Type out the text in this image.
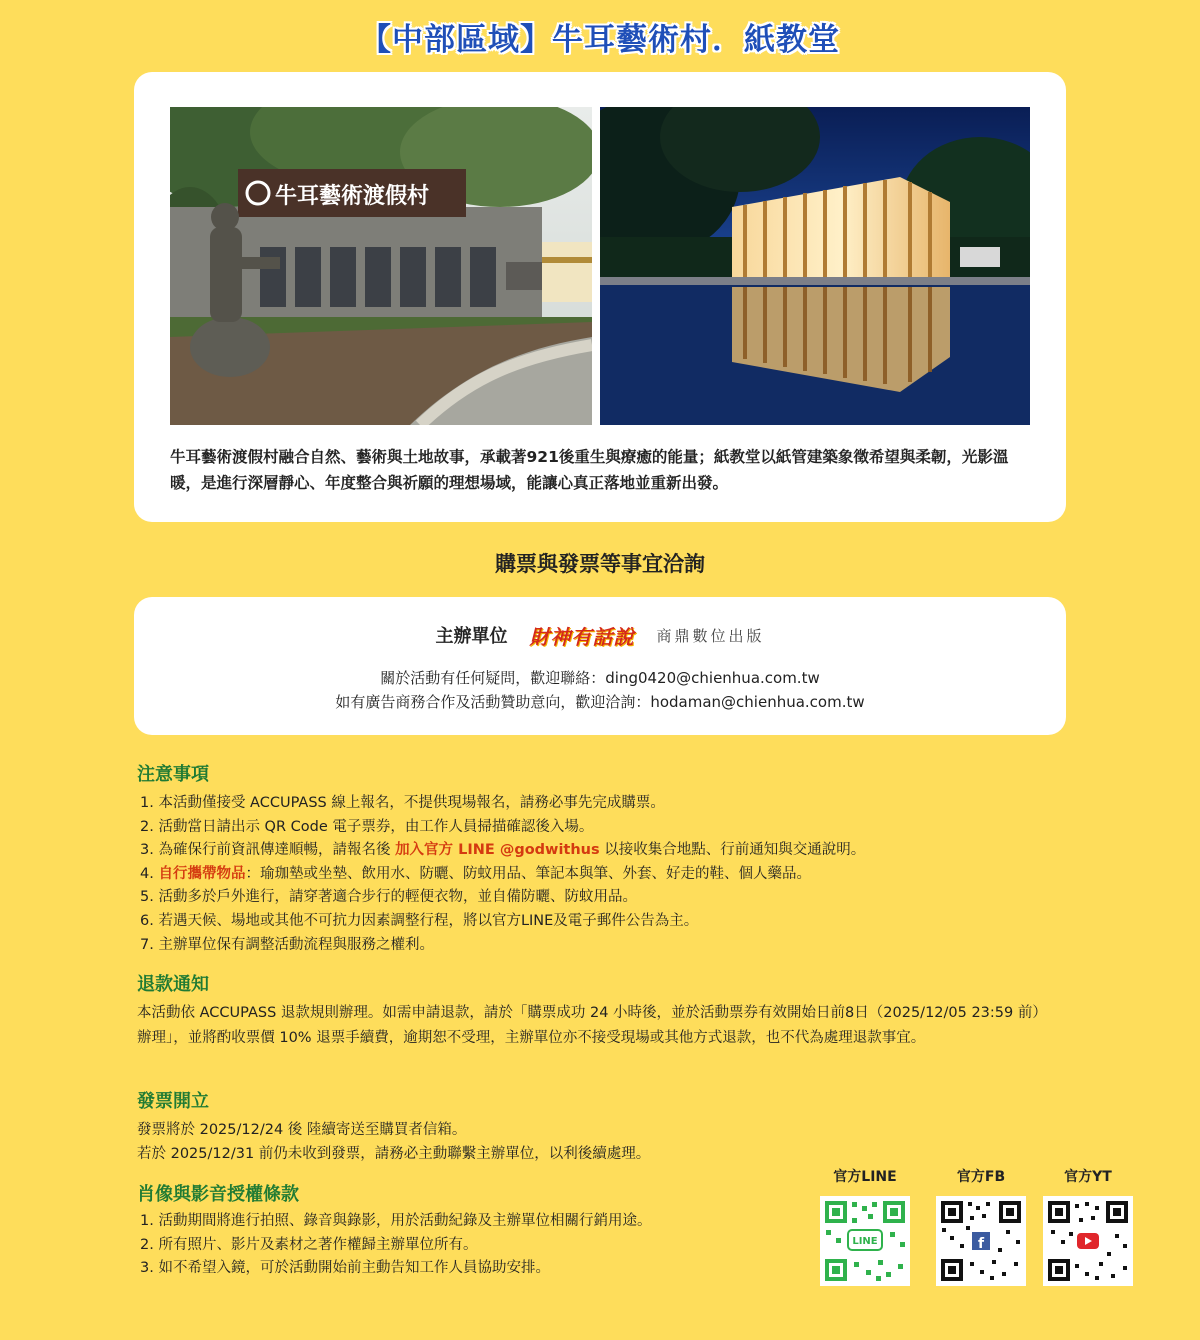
【中部區域】牛耳藝術村．紙教堂
牛耳藝術渡假村
牛耳藝術渡假村融合自然、藝術與土地故事，承載著921後重生與療癒的能量；紙教堂以紙管建築象徵希望與柔韌，光影溫暖，是進行深層靜心、年度整合與祈願的理想場域，能讓心真正落地並重新出發。
購票與發票等事宜洽詢
主辦單位 財神有話說 商鼎數位出版
關於活動有任何疑問，歡迎聯絡：ding0420@chienhua.com.tw
如有廣告商務合作及活動贊助意向，歡迎洽詢：hodaman@chienhua.com.tw
注意事項
1. 本活動僅接受 ACCUPASS 線上報名，不提供現場報名，請務必事先完成購票。
2. 活動當日請出示 QR Code 電子票券，由工作人員掃描確認後入場。
3. 為確保行前資訊傳達順暢，請報名後 加入官方 LINE @godwithus 以接收集合地點、行前通知與交通說明。
4. 自行攜帶物品：瑜珈墊或坐墊、飲用水、防曬、防蚊用品、筆記本與筆、外套、好走的鞋、個人藥品。
5. 活動多於戶外進行，請穿著適合步行的輕便衣物，並自備防曬、防蚊用品。
6. 若遇天候、場地或其他不可抗力因素調整行程，將以官方LINE及電子郵件公告為主。
7. 主辦單位保有調整活動流程與服務之權利。
退款通知
本活動依 ACCUPASS 退款規則辦理。如需申請退款，請於「購票成功 24 小時後，並於活動票券有效開始日前8日（2025/12/05 23:59 前）辦理」，並將酌收票價 10% 退票手續費，逾期恕不受理，主辦單位亦不接受現場或其他方式退款，也不代為處理退款事宜。
發票開立
發票將於 2025/12/24 後 陸續寄送至購買者信箱。
若於 2025/12/31 前仍未收到發票，請務必主動聯繫主辦單位，以利後續處理。
肖像與影音授權條款
1. 活動期間將進行拍照、錄音與錄影，用於活動紀錄及主辦單位相關行銷用途。
2. 所有照片、影片及素材之著作權歸主辦單位所有。
3. 如不希望入鏡，可於活動開始前主動告知工作人員協助安排。
官方LINE	官方FB	官方YT
LINE	f
